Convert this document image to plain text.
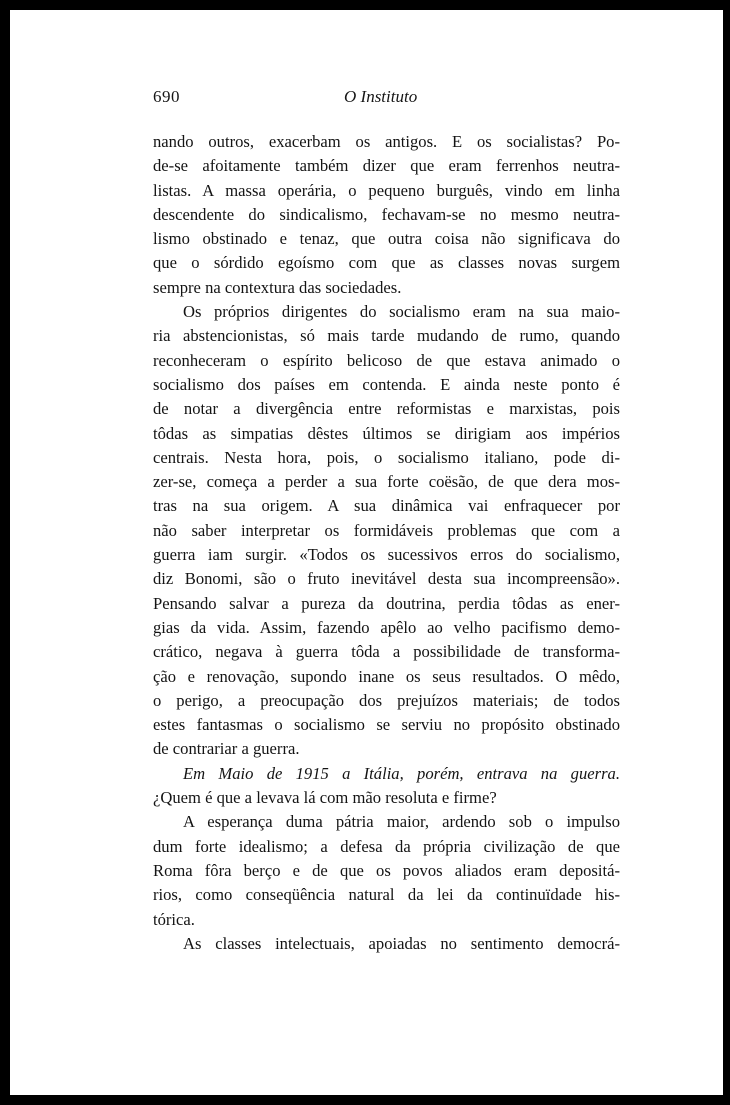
690	O Instituto

nando outros, exacerbam os antigos. E os socialistas? Po-

de-se afoitamente também dizer que eram ferrenhos neutra-

listas. A massa operária, o pequeno burguês, vindo em linha

descendente do sindicalismo, fechavam-se no mesmo neutra-

lismo obstinado e tenaz, que outra coisa não significava do

que o sórdido egoísmo com que as classes novas surgem

sempre na contextura das sociedades.

Os próprios dirigentes do socialismo eram na sua maio-

ria abstencionistas, só mais tarde mudando de rumo, quando

reconheceram o espírito belicoso de que estava animado o

socialismo dos países em contenda. E ainda neste ponto é

de notar a divergência entre reformistas e marxistas, pois

tôdas as simpatias dêstes últimos se dirigiam aos impérios

centrais. Nesta hora, pois, o socialismo italiano, pode di-

zer-se, começa a perder a sua forte coësão, de que dera mos-

tras na sua origem. A sua dinâmica vai enfraquecer por

não saber interpretar os formidáveis problemas que com a

guerra iam surgir. «Todos os sucessivos erros do socialismo,

diz Bonomi, são o fruto inevitável desta sua incompreensão».

Pensando salvar a pureza da doutrina, perdia tôdas as ener-

gias da vida. Assim, fazendo apêlo ao velho pacifismo demo-

crático, negava à guerra tôda a possibilidade de transforma-

ção e renovação, supondo inane os seus resultados. O mêdo,

o perigo, a preocupação dos prejuízos materiais; de todos

estes fantasmas o socialismo se serviu no propósito obstinado

de contrariar a guerra.

Em Maio de 1915 a Itália, porém, entrava na guerra.

¿Quem é que a levava lá com mão resoluta e firme?

A esperança duma pátria maior, ardendo sob o impulso

dum forte idealismo; a defesa da própria civilização de que

Roma fôra berço e de que os povos aliados eram depositá-

rios, como conseqüência natural da lei da continuïdade his-

tórica.

As classes intelectuais, apoiadas no sentimento democrá-
